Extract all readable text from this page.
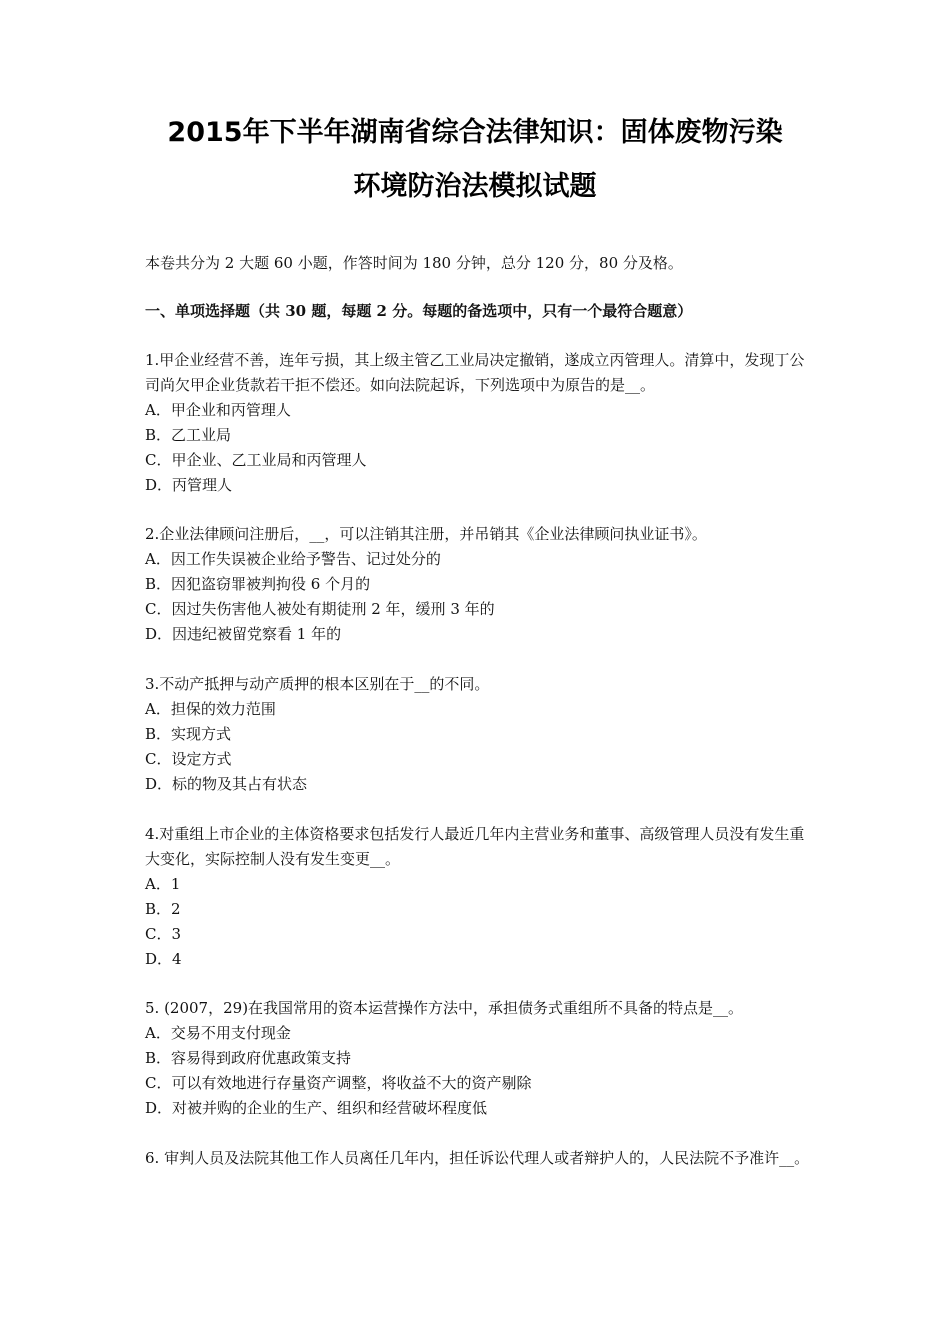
2015年下半年湖南省综合法律知识：固体废物污染
环境防治法模拟试题
本卷共分为 2 大题 60 小题，作答时间为 180 分钟，总分 120 分，80 分及格。
一、单项选择题（共 30 题，每题 2 分。每题的备选项中，只有一个最符合题意）

1.甲企业经营不善，连年亏损，其上级主管乙工业局决定撤销，遂成立丙管理人。清算中，发现丁公司尚欠甲企业货款若干拒不偿还。如向法院起诉，下列选项中为原告的是__。

A．甲企业和丙管理人

B．乙工业局

C．甲企业、乙工业局和丙管理人

D．丙管理人

2.企业法律顾问注册后，__，可以注销其注册，并吊销其《企业法律顾问执业证书》。

A．因工作失误被企业给予警告、记过处分的

B．因犯盗窃罪被判拘役 6 个月的

C．因过失伤害他人被处有期徒刑 2 年，缓刑 3 年的

D．因违纪被留党察看 1 年的

3.不动产抵押与动产质押的根本区别在于__的不同。

A．担保的效力范围

B．实现方式

C．设定方式

D．标的物及其占有状态

4.对重组上市企业的主体资格要求包括发行人最近几年内主营业务和董事、高级管理人员没有发生重大变化，实际控制人没有发生变更__。

A．1

B．2

C．3

D．4

5. (2007，29)在我国常用的资本运营操作方法中，承担债务式重组所不具备的特点是__。

A．交易不用支付现金

B．容易得到政府优惠政策支持

C．可以有效地进行存量资产调整，将收益不大的资产剔除

D．对被并购的企业的生产、组织和经营破坏程度低

6. 审判人员及法院其他工作人员离任几年内，担任诉讼代理人或者辩护人的，人民法院不予准许__。
